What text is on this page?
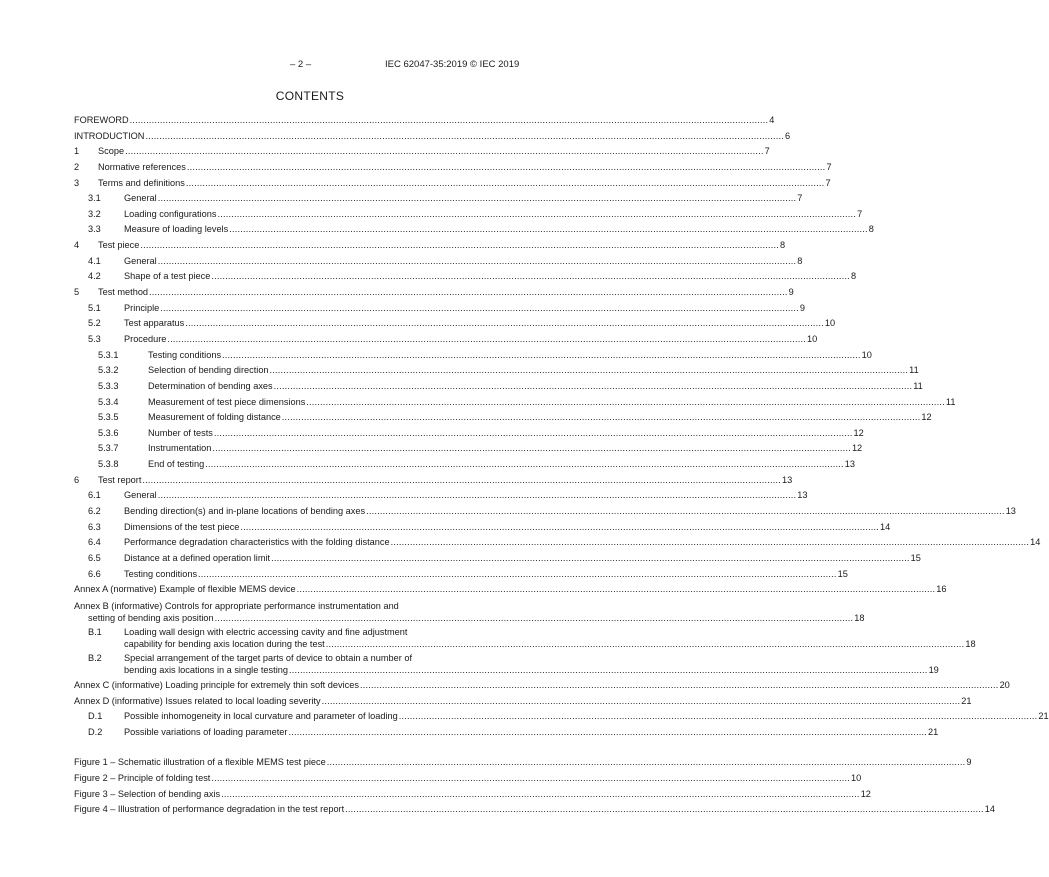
– 2 –	IEC 62047-35:2019 © IEC 2019
CONTENTS
FOREWORD .....	4
INTRODUCTION .....	6
1	Scope .....	7
2	Normative references .....	7
3	Terms and definitions .....	7
3.1	General .....	7
3.2	Loading configurations .....	7
3.3	Measure of loading levels .....	8
4	Test piece .....	8
4.1	General .....	8
4.2	Shape of a test piece .....	8
5	Test method .....	9
5.1	Principle .....	9
5.2	Test apparatus .....	10
5.3	Procedure .....	10
5.3.1	Testing conditions .....	10
5.3.2	Selection of bending direction .....	11
5.3.3	Determination of bending axes .....	11
5.3.4	Measurement of test piece dimensions .....	11
5.3.5	Measurement of folding distance .....	12
5.3.6	Number of tests .....	12
5.3.7	Instrumentation .....	12
5.3.8	End of testing .....	13
6	Test report .....	13
6.1	General .....	13
6.2	Bending direction(s) and in-plane locations of bending axes .....	13
6.3	Dimensions of the test piece .....	14
6.4	Performance degradation characteristics with the folding distance .....	14
6.5	Distance at a defined operation limit .....	15
6.6	Testing conditions .....	15
Annex A (normative) Example of flexible MEMS device .....	16
Annex B (informative) Controls for appropriate performance instrumentation and
setting of bending axis position .....	18
B.1	Loading wall design with electric accessing cavity and fine adjustment
capability for bending axis location during the test .....	18
B.2	Special arrangement of the target parts of device to obtain a number of
bending axis locations in a single testing .....	19
Annex C (informative) Loading principle for extremely thin soft devices .....	20
Annex D (informative) Issues related to local loading severity .....	21
D.1	Possible inhomogeneity in local curvature and parameter of loading .....	21
D.2	Possible variations of loading parameter .....	21
Figure 1 – Schematic illustration of a flexible MEMS test piece .....	9
Figure 2 – Principle of folding test .....	10
Figure 3 – Selection of bending axis .....	12
Figure 4 – Illustration of performance degradation in the test report .....	14
